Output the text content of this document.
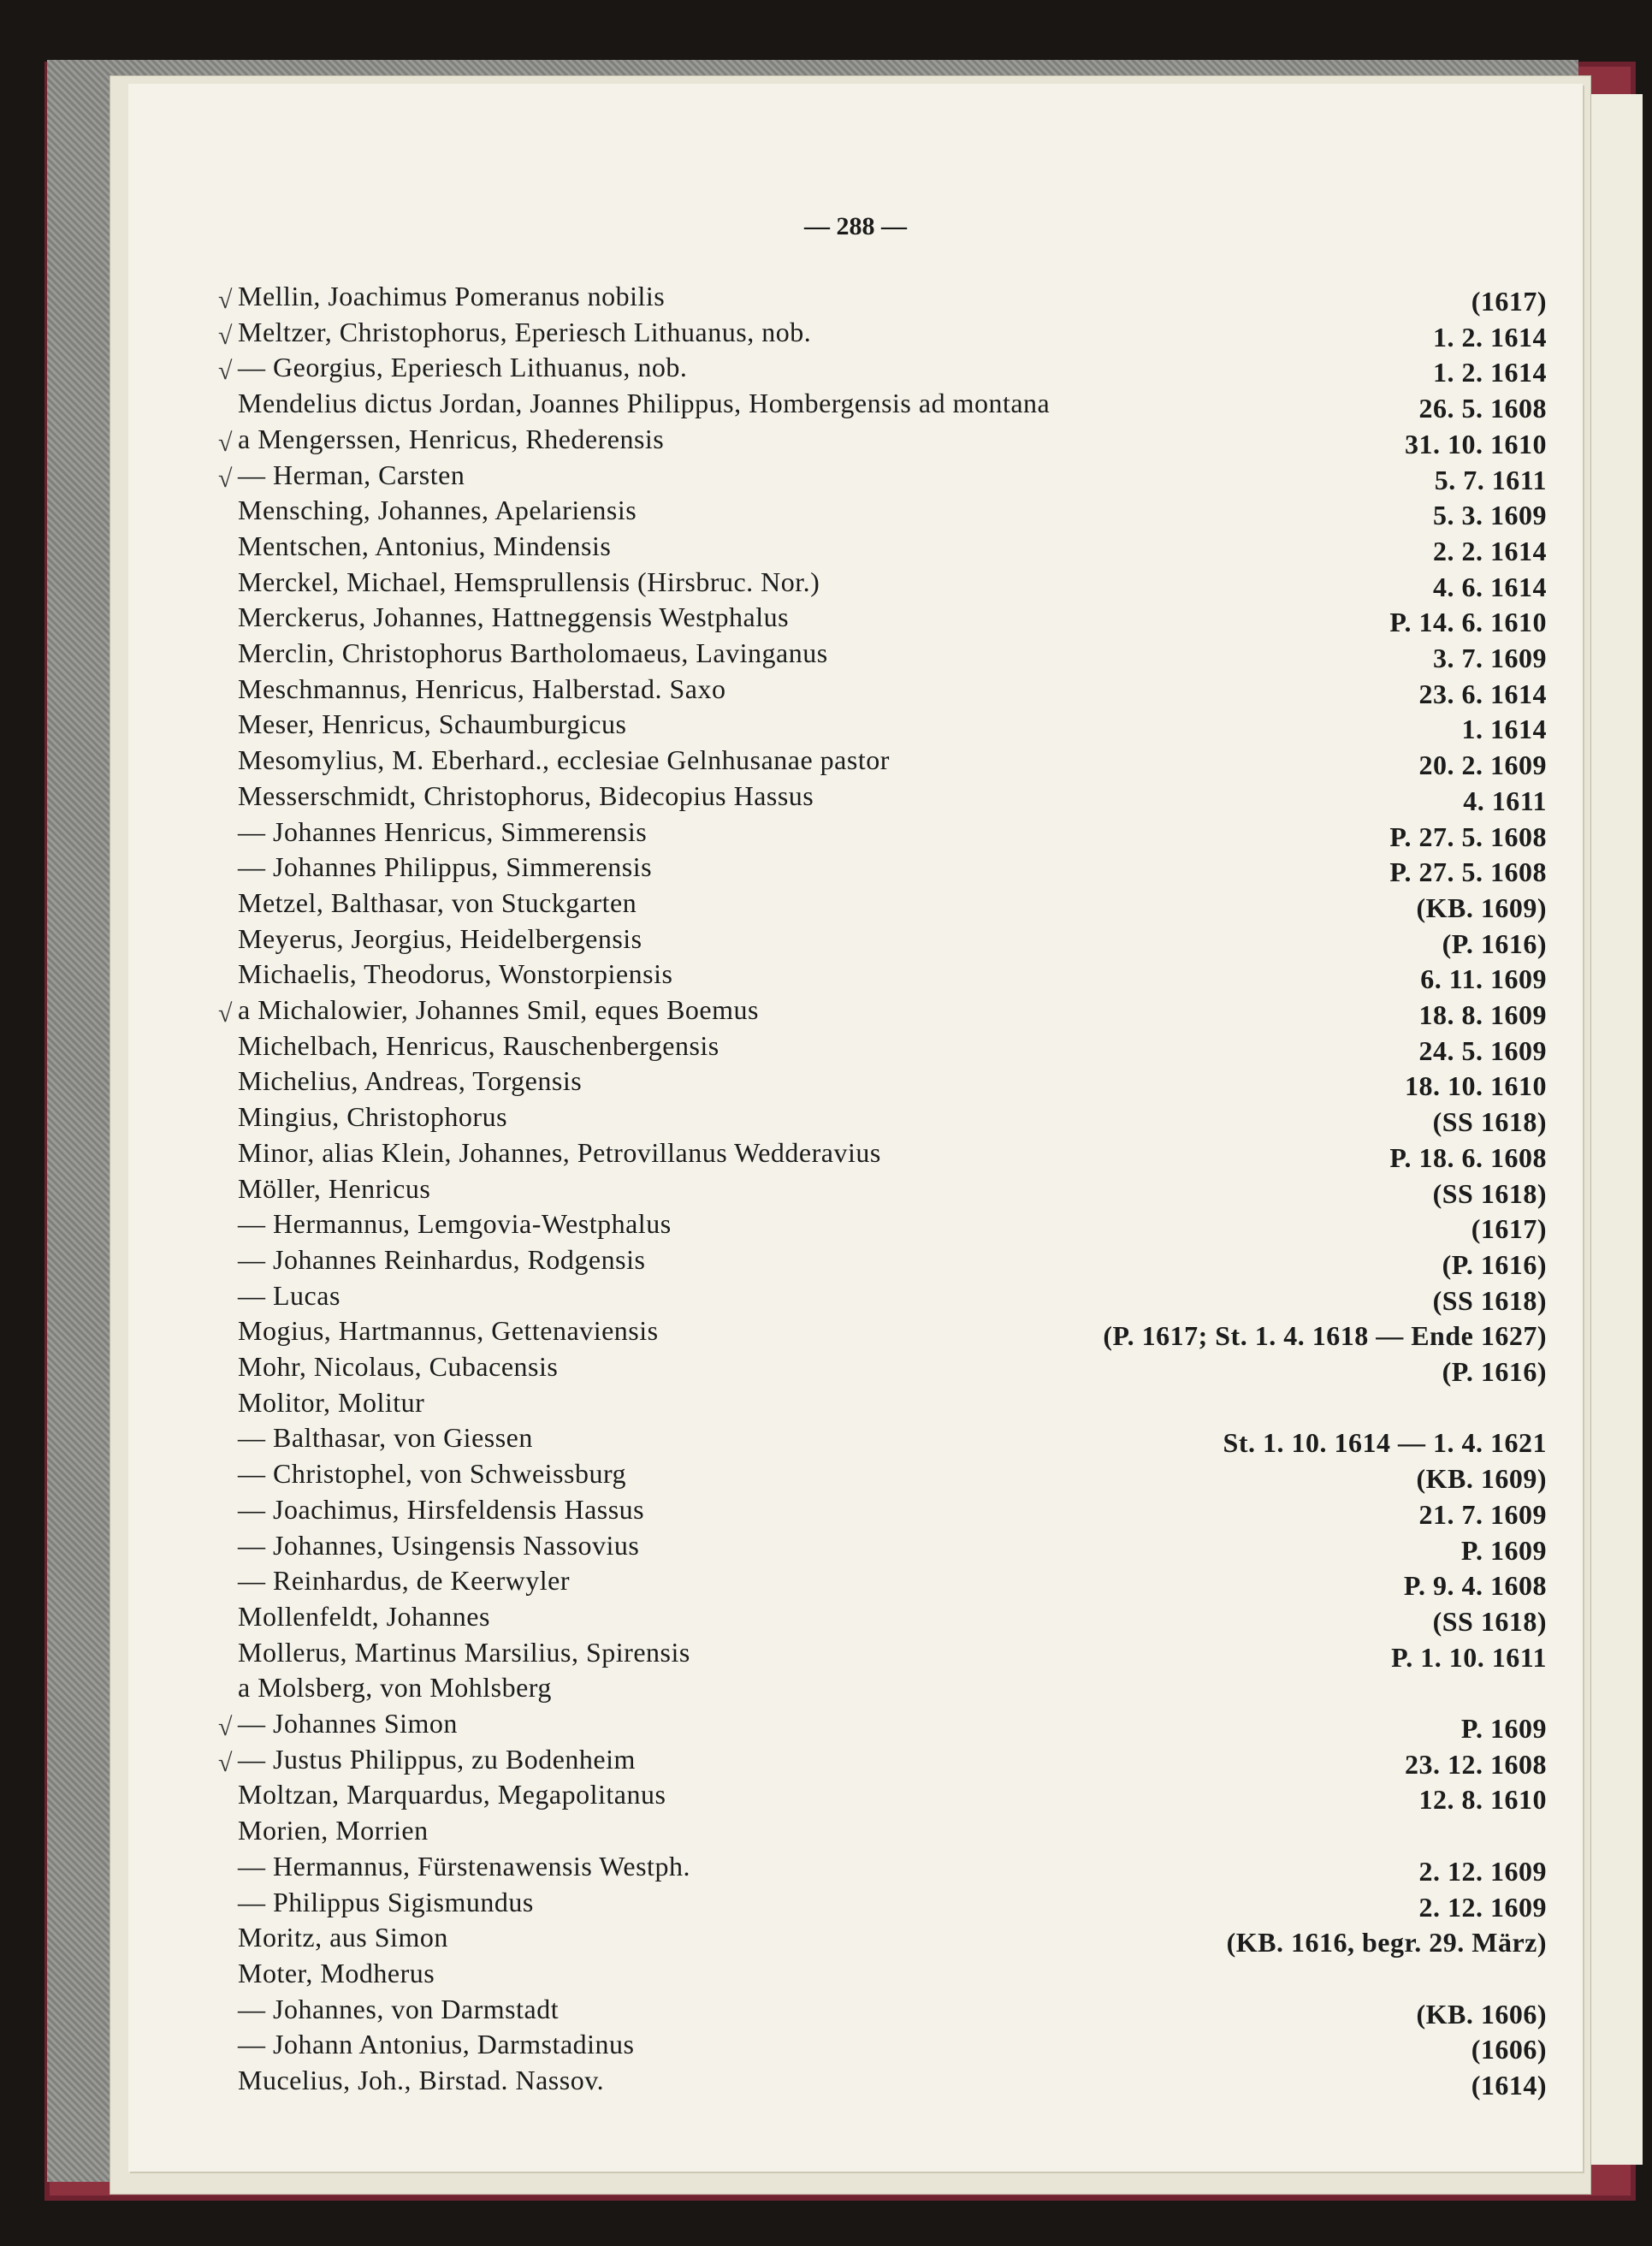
— 288 —
√ Mellin, Joachimus Pomeranus nobilis	(1617)
√ Meltzer, Christophorus, Eperiesch Lithuanus, nob.	1. 2. 1614
√ — Georgius, Eperiesch Lithuanus, nob.	1. 2. 1614
Mendelius dictus Jordan, Joannes Philippus, Hombergensis ad montana	26. 5. 1608
√ a Mengerssen, Henricus, Rhederensis	31. 10. 1610
√ — Herman, Carsten	5. 7. 1611
Mensching, Johannes, Apelariensis	5. 3. 1609
Mentschen, Antonius, Mindensis	2. 2. 1614
Merckel, Michael, Hemsprullensis (Hirsbruc. Nor.)	4. 6. 1614
Merckerus, Johannes, Hattneggensis Westphalus	P. 14. 6. 1610
Merclin, Christophorus Bartholomaeus, Lavinganus	3. 7. 1609
Meschmannus, Henricus, Halberstad. Saxo	23. 6. 1614
Meser, Henricus, Schaumburgicus	1. 1614
Mesomylius, M. Eberhard., ecclesiae Gelnhusanae pastor	20. 2. 1609
Messerschmidt, Christophorus, Bidecopius Hassus	4. 1611
— Johannes Henricus, Simmerensis	P. 27. 5. 1608
— Johannes Philippus, Simmerensis	P. 27. 5. 1608
Metzel, Balthasar, von Stuckgarten	(KB. 1609)
Meyerus, Jeorgius, Heidelbergensis	(P. 1616)
Michaelis, Theodorus, Wonstorpiensis	6. 11. 1609
√ a Michalowier, Johannes Smil, eques Boemus	18. 8. 1609
Michelbach, Henricus, Rauschenbergensis	24. 5. 1609
Michelius, Andreas, Torgensis	18. 10. 1610
Mingius, Christophorus	(SS 1618)
Minor, alias Klein, Johannes, Petrovillanus Wedderavius	P. 18. 6. 1608
Möller, Henricus	(SS 1618)
— Hermannus, Lemgovia-Westphalus	(1617)
— Johannes Reinhardus, Rodgensis	(P. 1616)
— Lucas	(SS 1618)
Mogius, Hartmannus, Gettenaviensis	(P. 1617; St. 1. 4. 1618 — Ende 1627)
Mohr, Nicolaus, Cubacensis	(P. 1616)
Molitor, Molitur
— Balthasar, von Giessen	St. 1. 10. 1614 — 1. 4. 1621
— Christophel, von Schweissburg	(KB. 1609)
— Joachimus, Hirsfeldensis Hassus	21. 7. 1609
— Johannes, Usingensis Nassovius	P. 1609
— Reinhardus, de Keerwyler	P. 9. 4. 1608
Mollenfeldt, Johannes	(SS 1618)
Mollerus, Martinus Marsilius, Spirensis	P. 1. 10. 1611
a Molsberg, von Mohlsberg
√ — Johannes Simon	P. 1609
√ — Justus Philippus, zu Bodenheim	23. 12. 1608
Moltzan, Marquardus, Megapolitanus	12. 8. 1610
Morien, Morrien
— Hermannus, Fürstenawensis Westph.	2. 12. 1609
— Philippus Sigismundus	2. 12. 1609
Moritz, aus Simon	(KB. 1616, begr. 29. März)
Moter, Modherus
— Johannes, von Darmstadt	(KB. 1606)
— Johann Antonius, Darmstadinus	(1606)
Mucelius, Joh., Birstad. Nassov.	(1614)
